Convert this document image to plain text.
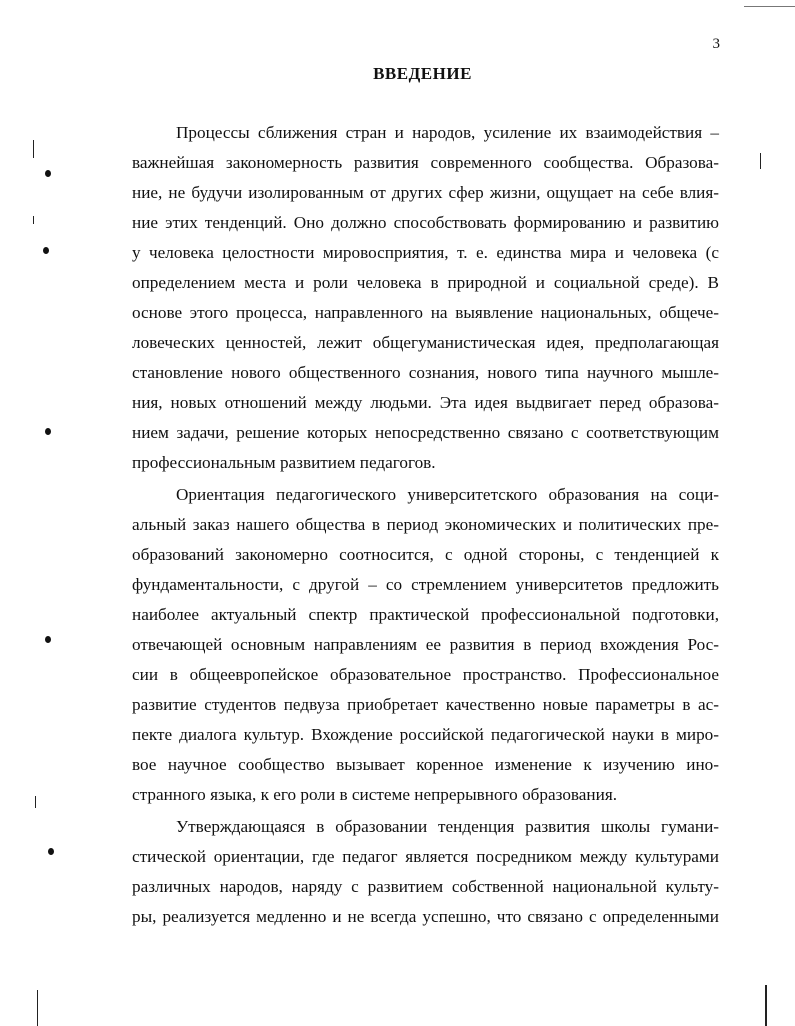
3
ВВЕДЕНИЕ
Процессы сближения стран и народов, усиление их взаимодействия –
важнейшая закономерность развития современного сообщества. Образова-
ние, не будучи изолированным от других сфер жизни, ощущает на себе влия-
ние этих тенденций. Оно должно способствовать формированию и развитию
у человека целостности мировосприятия, т. е. единства мира и человека (с
определением места и роли человека в природной и социальной среде). В
основе этого процесса, направленного на выявление национальных, общече-
ловеческих ценностей, лежит общегуманистическая идея, предполагающая
становление нового общественного сознания, нового типа научного мышле-
ния, новых отношений между людьми. Эта идея выдвигает перед образова-
нием задачи, решение которых непосредственно связано с соответствующим
профессиональным развитием педагогов.
Ориентация педагогического университетского образования на соци-
альный заказ нашего общества в период экономических и политических пре-
образований закономерно соотносится, с одной стороны, с тенденцией к
фундаментальности, с другой – со стремлением университетов предложить
наиболее актуальный спектр практической профессиональной подготовки,
отвечающей основным направлениям ее развития в период вхождения Рос-
сии в общеевропейское образовательное пространство. Профессиональное
развитие студентов педвуза приобретает качественно новые параметры в ас-
пекте диалога культур. Вхождение российской педагогической науки в миро-
вое научное сообщество вызывает коренное изменение к изучению ино-
странного языка, к его роли в системе непрерывного образования.
Утверждающаяся в образовании тенденция развития школы гумани-
стической ориентации, где педагог является посредником между культурами
различных народов, наряду с развитием собственной национальной культу-
ры, реализуется медленно и не всегда успешно, что связано с определенными
